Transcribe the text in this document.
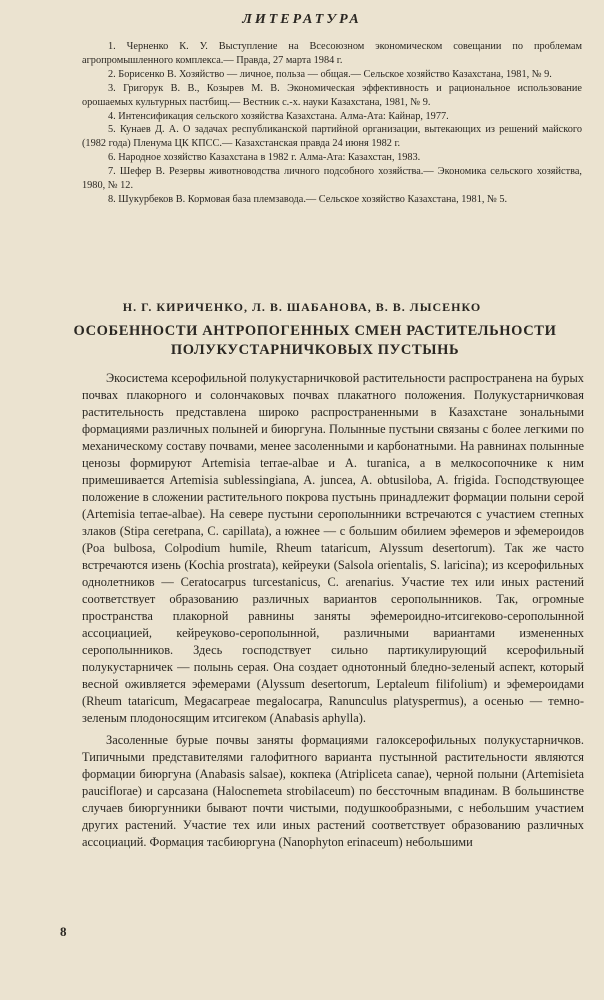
ЛИТЕРАТУРА

1. Черненко К. У. Выступление на Всесоюзном экономическом совещании по проблемам агропромышленного комплекса.— Правда, 27 марта 1984 г.

2. Борисенко В. Хозяйство — личное, польза — общая.— Сельское хозяйство Казахстана, 1981, № 9.

3. Григорук В. В., Козырев М. В. Экономическая эффективность и рациональное использование орошаемых культурных пастбищ.— Вестник с.-х. науки Казахстана, 1981, № 9.

4. Интенсификация сельского хозяйства Казахстана. Алма-Ата: Кайнар, 1977.

5. Кунаев Д. А. О задачах республиканской партийной организации, вытекающих из решений майского (1982 года) Пленума ЦК КПСС.— Казахстанская правда 24 июня 1982 г.

6. Народное хозяйство Казахстана в 1982 г. Алма-Ата: Казахстан, 1983.

7. Шефер В. Резервы животноводства личного подсобного хозяйства.— Экономика сельского хозяйства, 1980, № 12.

8. Шукурбеков В. Кормовая база племзавода.— Сельское хозяйство Казахстана, 1981, № 5.

Н. Г. КИРИЧЕНКО, Л. В. ШАБАНОВА, В. В. ЛЫСЕНКО
ОСОБЕННОСТИ АНТРОПОГЕННЫХ СМЕН РАСТИТЕЛЬНОСТИ ПОЛУКУСТАРНИЧКОВЫХ ПУСТЫНЬ

Экосистема ксерофильной полукустарничковой растительности распространена на бурых почвах плакорного и солончаковых почвах плакатного положения. Полукустарничковая растительность представлена широко распространенными в Казахстане зональными формациями различных полыней и биюргуна. Полынные пустыни связаны с более легкими по механическому составу почвами, менее засоленными и карбонатными. На равнинах полынные ценозы формируют Artemisia terrae-albae и A. turanica, а в мелкосопочнике к ним примешивается Artemisia sublessingiana, A. juncea, A. obtusiloba, A. frigida. Господствующее положение в сложении растительного покрова пустынь принадлежит формации полыни серой (Artemisia terrae-albae). На севере пустыни серополынники встречаются с участием степных злаков (Stipa ceretpana, C. capillata), а южнее — с большим обилием эфемеров и эфемероидов (Poa bulbosa, Colpodium humile, Rheum tataricum, Alyssum desertorum). Так же часто встречаются изень (Kochia prostrata), кейреуки (Salsola orientalis, S. laricina); из ксерофильных однолетников — Ceratocarpus turcestanicus, C. arenarius. Участие тех или иных растений соответствует образованию различных вариантов серополынников. Так, огромные пространства плакорной равнины заняты эфемероидно-итсигеково-серополынной ассоциацией, кейреуково-серополынной, различными вариантами измененных серополынников. Здесь господствует сильно партикулирующий ксерофильный полукустарничек — полынь серая. Она создает однотонный бледно-зеленый аспект, который весной оживляется эфемерами (Alyssum desertorum, Leptaleum filifolium) и эфемероидами (Rheum tataricum, Megacarpeae megalocarpa, Ranunculus platyspermus), а осенью — темно-зеленым плодоносящим итсигеком (Anabasis aphylla).

Засоленные бурые почвы заняты формациями галоксерофильных полукустарничков. Типичными представителями галофитного варианта пустынной растительности являются формации биюргуна (Anabasis salsae), кокпека (Atripliceta canae), черной полыни (Artemisieta pauciflorae) и сарсазана (Halocnemeta strobilaceum) по бессточным впадинам. В большинстве случаев биюргунники бывают почти чистыми, подушкообразными, с небольшим участием других растений. Участие тех или иных растений соответствует образованию различных ассоциаций. Формация тасбиюргуна (Nanophyton erinaceum) небольшими

8
